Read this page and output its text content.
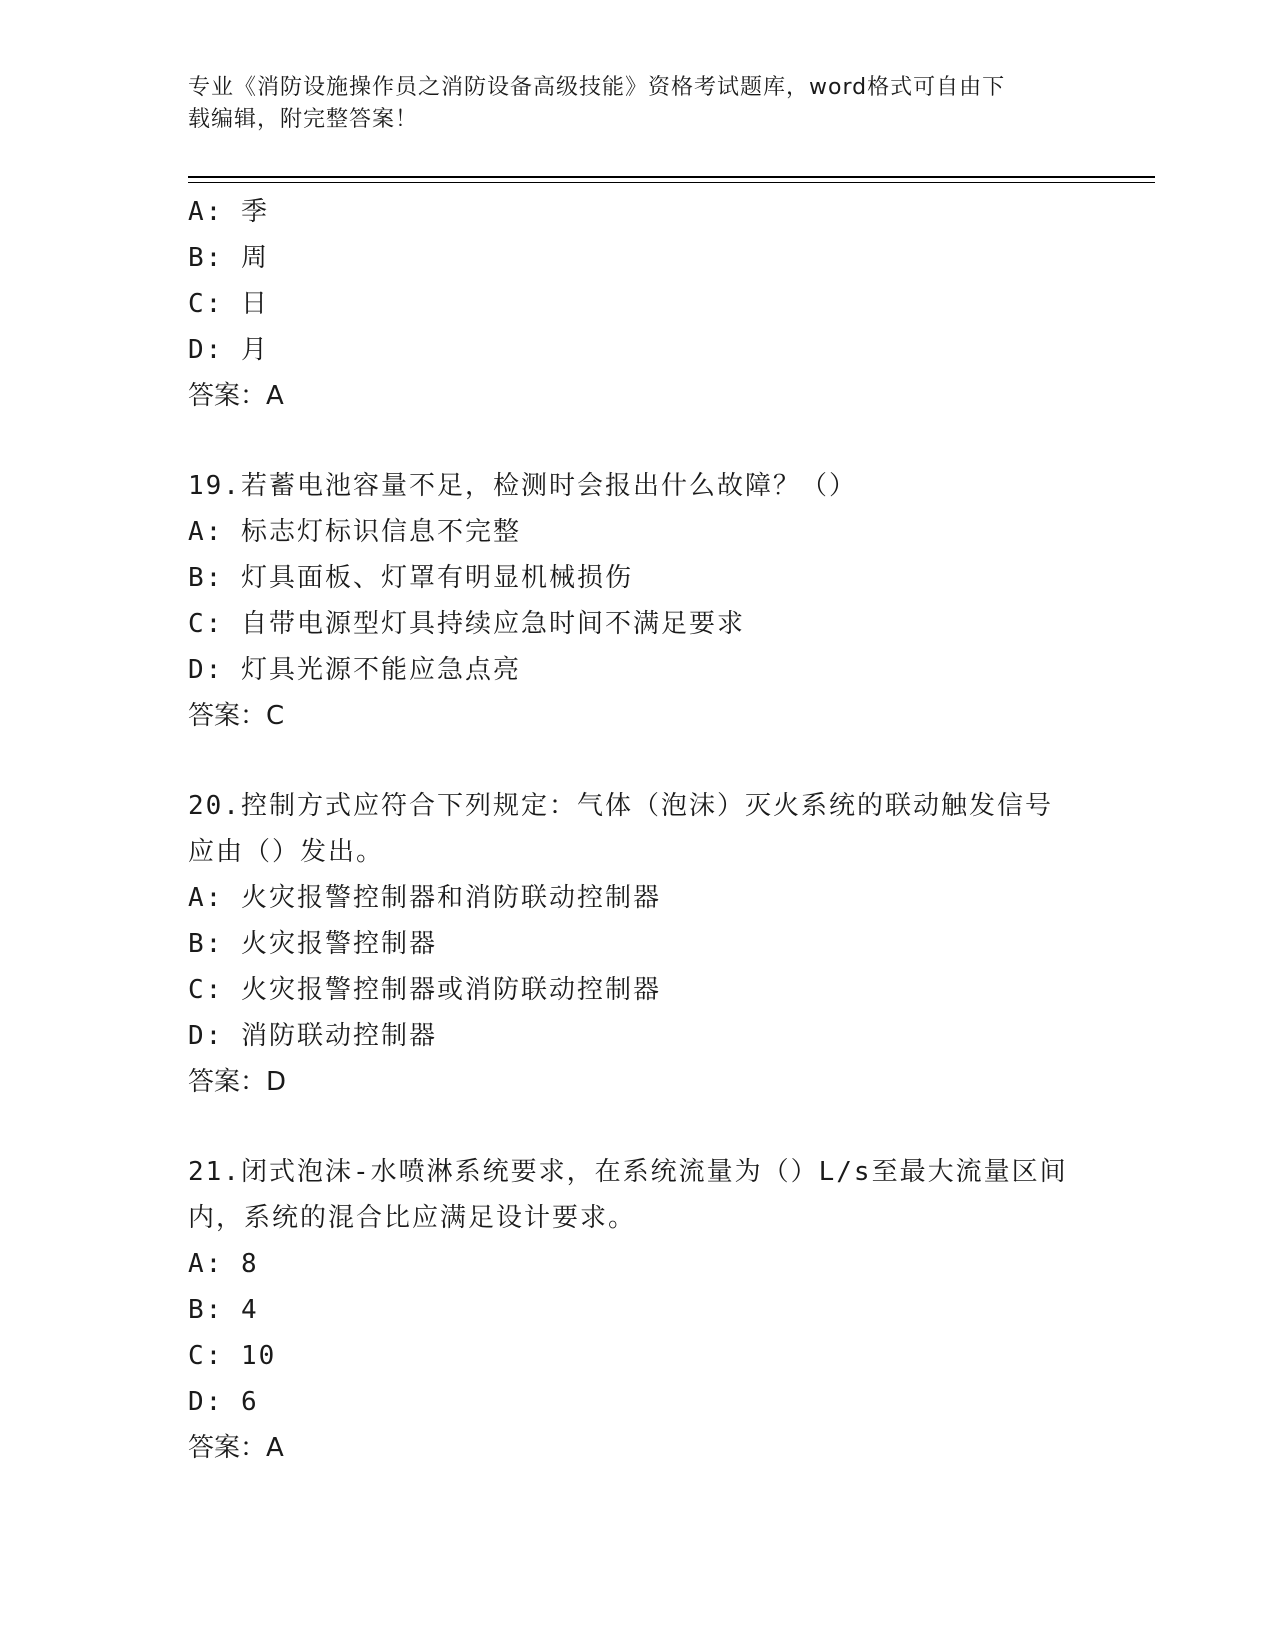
专业《消防设施操作员之消防设备高级技能》资格考试题库，word格式可自由下
载编辑，附完整答案！
A: 季
B: 周
C: 日
D: 月
答案：A
19.若蓄电池容量不足，检测时会报出什么故障？（）
A: 标志灯标识信息不完整
B: 灯具面板、灯罩有明显机械损伤
C: 自带电源型灯具持续应急时间不满足要求
D: 灯具光源不能应急点亮
答案：C
20.控制方式应符合下列规定：气体（泡沫）灭火系统的联动触发信号
应由（）发出。
A: 火灾报警控制器和消防联动控制器
B: 火灾报警控制器
C: 火灾报警控制器或消防联动控制器
D: 消防联动控制器
答案：D
21.闭式泡沫-水喷淋系统要求，在系统流量为（）L/s至最大流量区间
内，系统的混合比应满足设计要求。
A: 8
B: 4
C: 10
D: 6
答案：A
